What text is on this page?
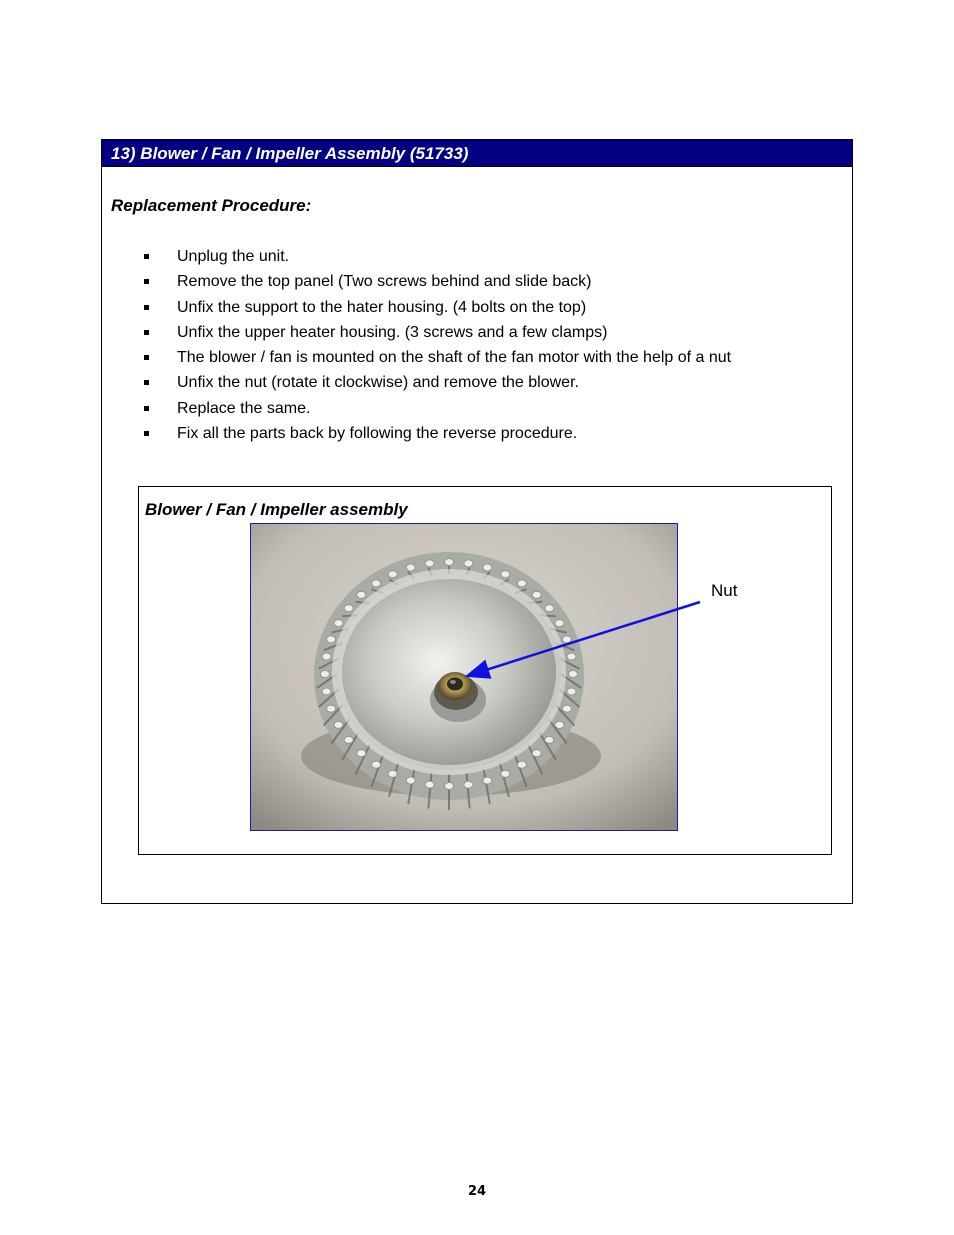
13) Blower / Fan / Impeller Assembly (51733)
Replacement Procedure:
Unplug the unit.
Remove the top panel (Two screws behind and slide back)
Unfix the support to the hater housing. (4 bolts on the top)
Unfix the upper heater housing. (3 screws and a few clamps)
The blower / fan is mounted on the shaft of the fan motor with the help of a nut
Unfix the nut (rotate it clockwise) and remove the blower.
Replace the same.
Fix all the parts back by following the reverse procedure.
Blower / Fan / Impeller assembly
Nut
24
